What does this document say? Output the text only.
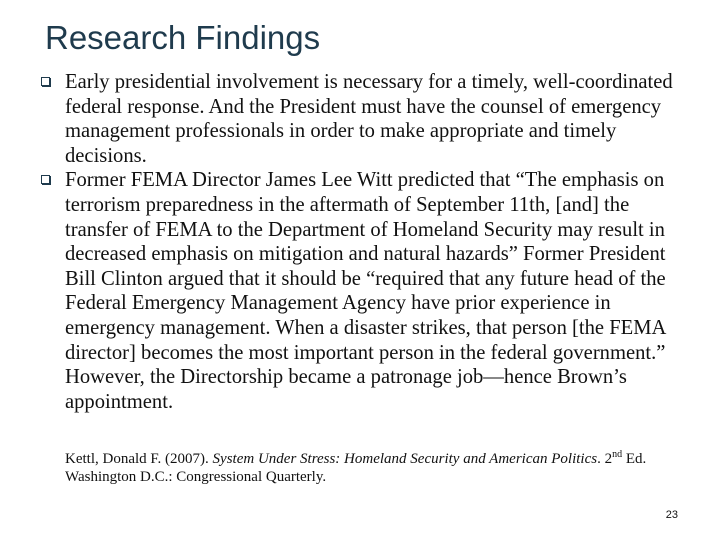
Research Findings
Early presidential involvement is necessary for a timely, well-coordinated federal response. And the President must have the counsel of emergency management professionals in order to make appropriate and timely decisions.
Former FEMA Director James Lee Witt predicted that “The emphasis on terrorism preparedness in the aftermath of September 11th, [and] the transfer of FEMA to the Department of Homeland Security may result in decreased emphasis on mitigation and natural hazards” Former President Bill Clinton argued that it should be “required that any future head of the Federal Emergency Management Agency have prior experience in emergency management. When a disaster strikes, that person [the FEMA director] becomes the most important person in the federal government.” However, the Directorship became a patronage job—hence Brown’s appointment.
Kettl, Donald F. (2007). System Under Stress: Homeland Security and American Politics. 2nd Ed. Washington D.C.: Congressional Quarterly.
23
